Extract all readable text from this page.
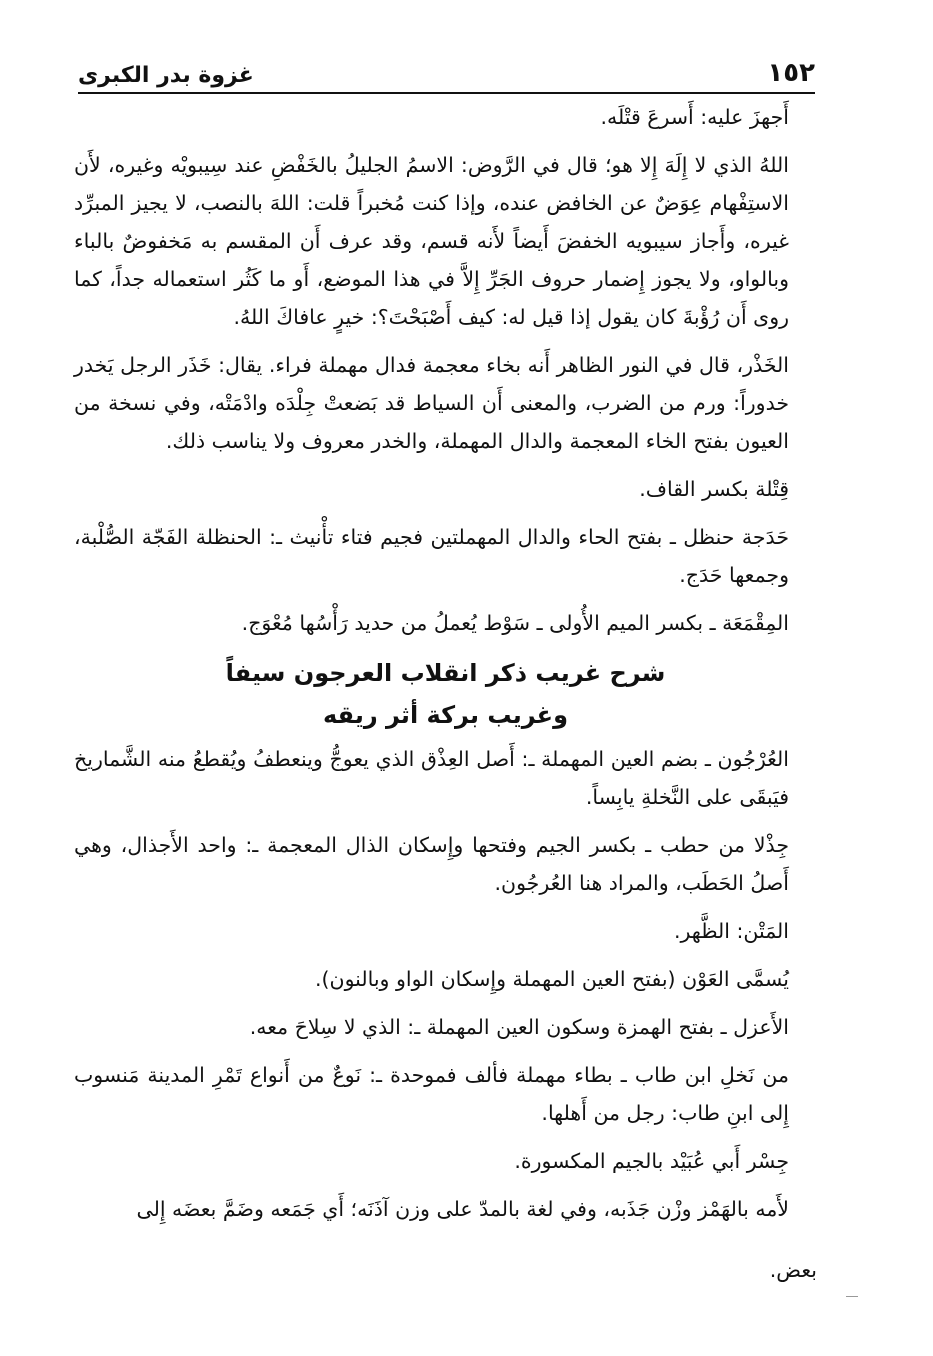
١٥٢
غزوة بدر الكبرى

أَجهزَ عليه: أَسرعَ قتْلَه.

اللهُ الذي لا إِلَهَ إِلا هو؛ قال في الرَّوض: الاسمُ الجليلُ بالخَفْضِ عند سِيبويْه وغيره، لأَن الاستِفْهام عِوَضٌ عن الخافض عنده، وإذا كنت مُخبراً قلت: اللهَ بالنصب، لا يجيز المبرِّد غيره، وأَجاز سيبويه الخفضَ أَيضاً لأَنه قسم، وقد عرف أَن المقسم به مَخفوضٌ بالباء وبالواو، ولا يجوز إِضمار حروف الجَرِّ إِلاَّ في هذا الموضع، أَو ما كَثُر استعماله جداً، كما روى أَن رُؤْبةَ كان يقول إذا قيل له: كيف أَصْبَحْتَ؟: خيرٍ عافاكَ اللهُ.

الخَذْر، قال في النور الظاهر أَنه بخاء معجمة فدال مهملة فراء. يقال: خَذَر الرجل يَخدر خدوراً: ورم من الضرب، والمعنى أَن السياط قد بَضعتْ جِلْدَه وادْمَتْه، وفي نسخة من العيون بفتح الخاء المعجمة والدال المهملة، والخدر معروف ولا يناسب ذلك.

قِتْلة بكسر القاف.

حَدَجة حنظل ـ بفتح الحاء والدال المهملتين فجيم فتاء تأْنيث ـ: الحنظلة الفَجّة الصُّلْبة، وجمعها حَدَج.

المِقْمَعَة ـ بكسر الميم الأُولى ـ سَوْط يُعملُ من حديد رَأْسُها مُعْوَج.

شرح غريب ذكر انقلاب العرجون سيفاً
وغريب بركة أثر ريقه

العُرْجُون ـ بضم العين المهملة ـ: أَصل العِذْق الذي يعوجُّ وينعطفُ ويُقطعُ منه الشَّماريخ فيَبقَى على النَّخلةِ يابِساً.

جِذْلا من حطب ـ بكسر الجيم وفتحها وإِسكان الذال المعجمة ـ: واحد الأَجذال، وهي أَصلُ الحَطَب، والمراد هنا العُرجُون.

المَتْن: الظَّهر.

يُسمَّى العَوْن (بفتح العين المهملة وإِسكان الواو وبالنون).

الأَعزل ـ بفتح الهمزة وسكون العين المهملة ـ: الذي لا سِلاحَ معه.

من نَخلِ ابن طاب ـ بطاء مهملة فألف فموحدة ـ: نَوعٌ من أَنواع تَمْرِ المدينة مَنسوب إِلى ابنِ طاب: رجل من أَهلها.

جِسْر أَبي عُبَيْد بالجيم المكسورة.

لأَمه بالهَمْز وزْن جَذَبه، وفي لغة بالمدّ على وزن آذَنَه؛ أَي جَمَعه وضَمَّ بعضَه إِلى

بعض.
